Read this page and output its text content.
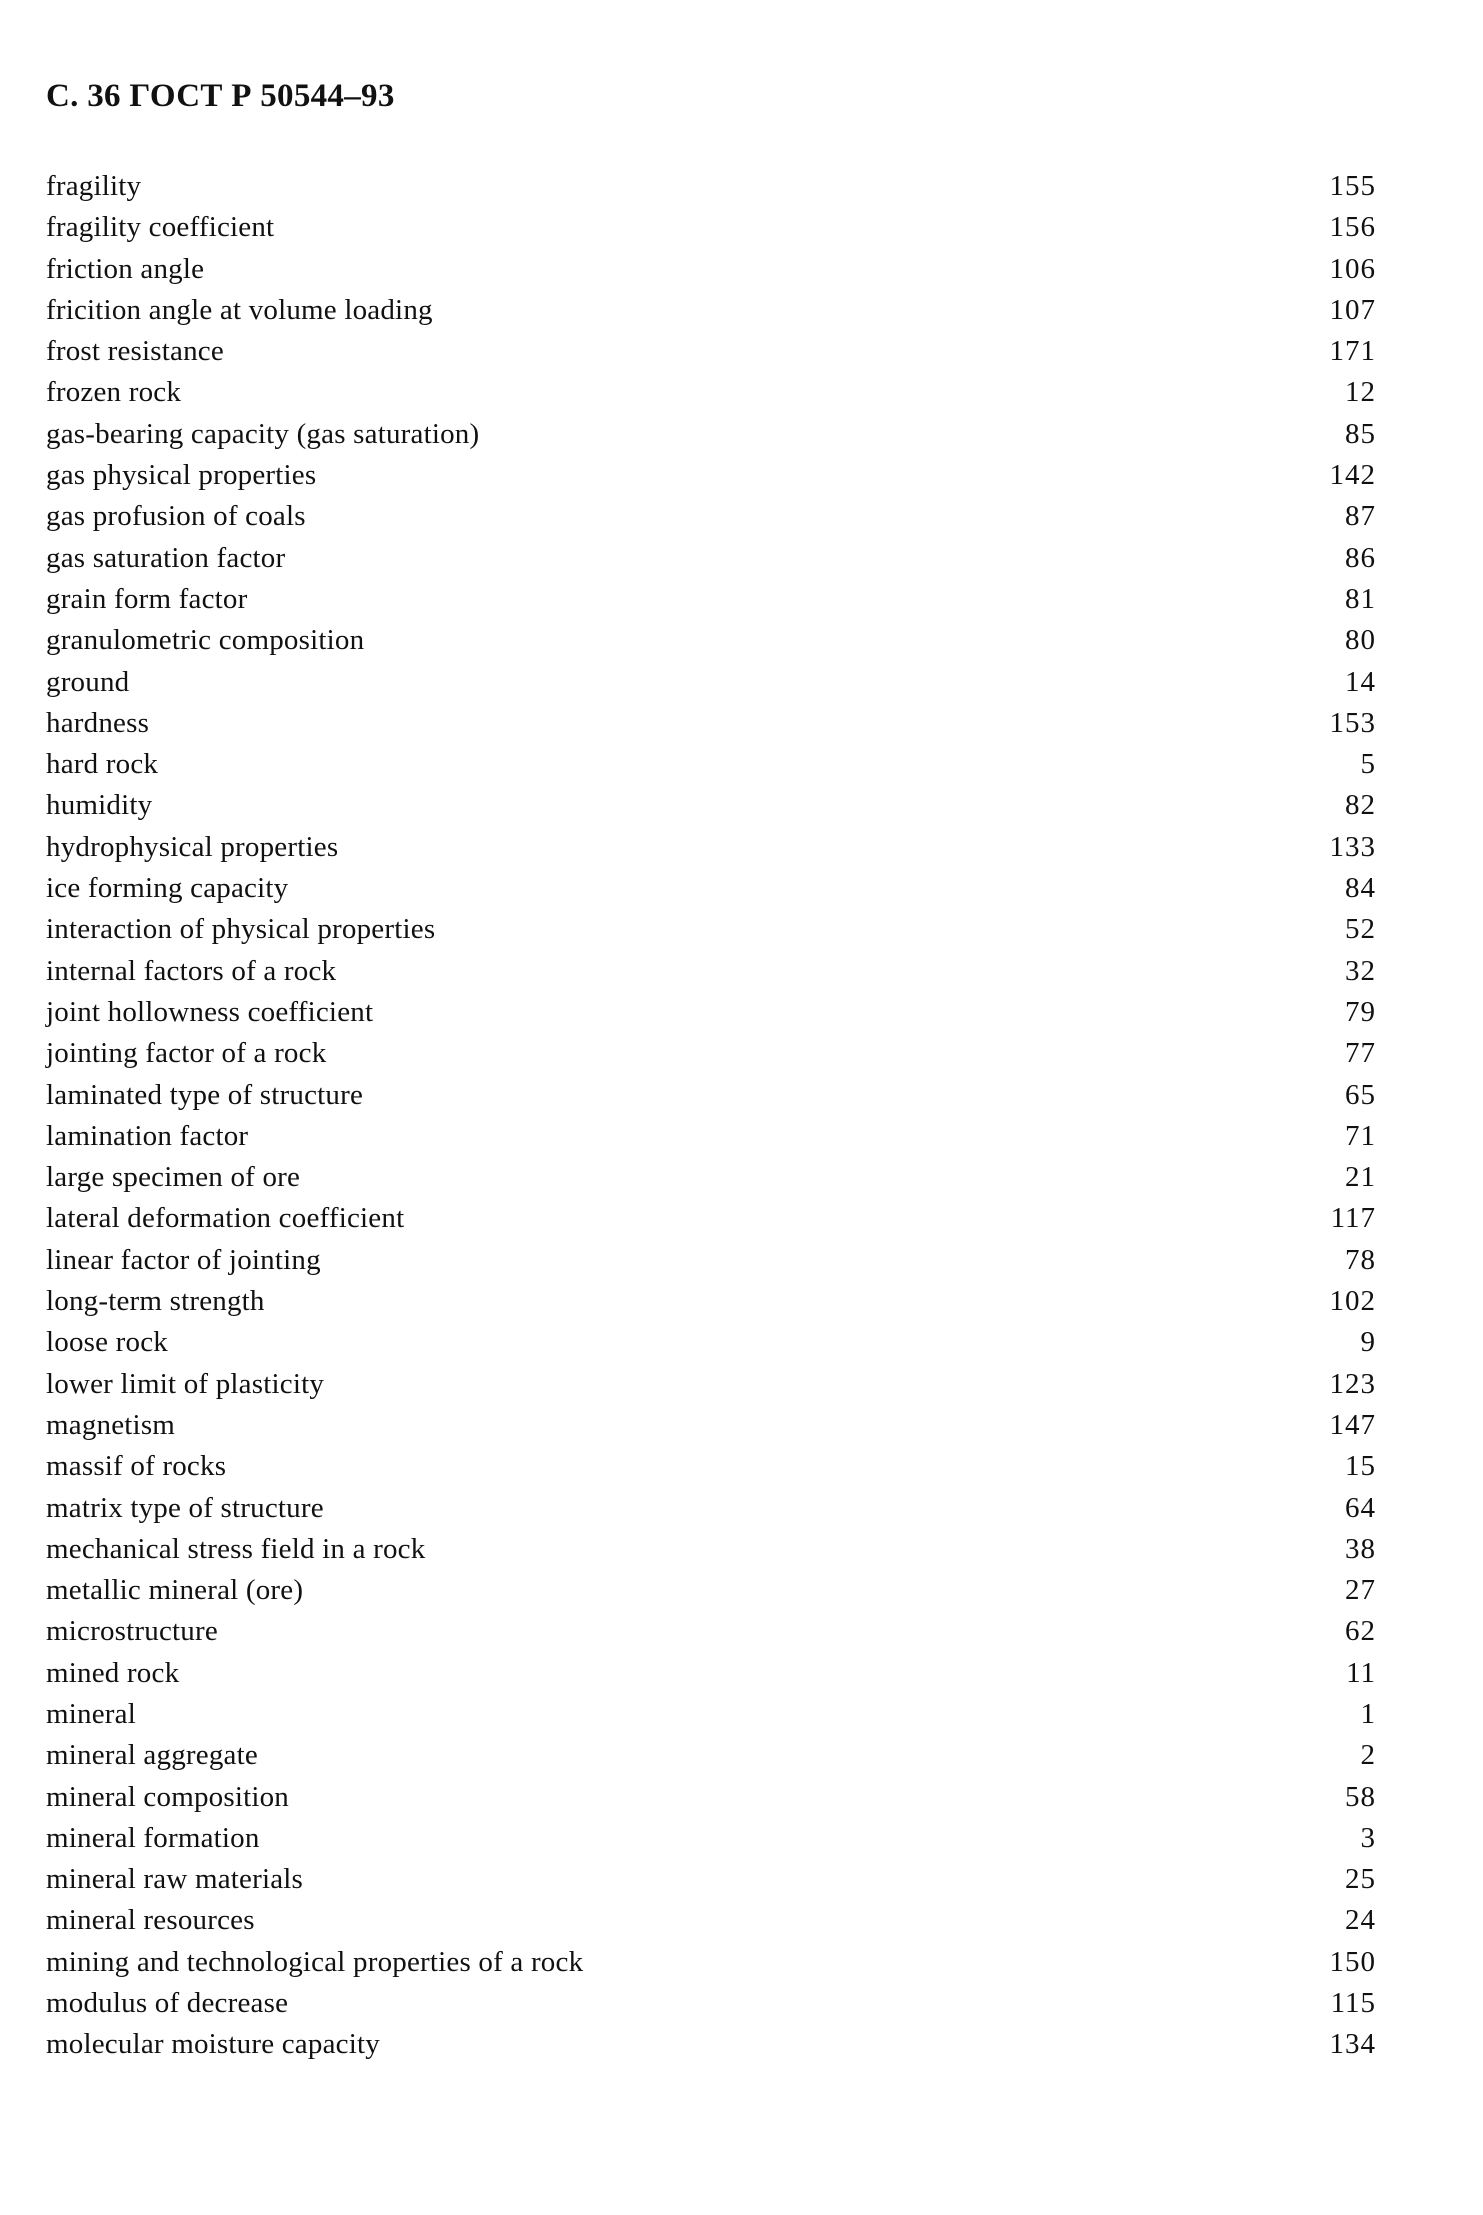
С. 36 ГОСТ Р 50544–93
fragility	155
fragility coefficient	156
friction angle	106
fricition angle at volume loading	107
frost resistance	171
frozen rock	12
gas-bearing capacity (gas saturation)	85
gas physical properties	142
gas profusion of coals	87
gas saturation factor	86
grain form factor	81
granulometric composition	80
ground	14
hardness	153
hard rock	5
humidity	82
hydrophysical properties	133
ice forming capacity	84
interaction of physical properties	52
internal factors of a rock	32
joint hollowness coefficient	79
jointing factor of a rock	77
laminated type of structure	65
lamination factor	71
large specimen of ore	21
lateral deformation coefficient	117
linear factor of jointing	78
long-term strength	102
loose rock	9
lower limit of plasticity	123
magnetism	147
massif of rocks	15
matrix type of structure	64
mechanical stress field in a rock	38
metallic mineral (ore)	27
microstructure	62
mined rock	11
mineral	1
mineral aggregate	2
mineral composition	58
mineral formation	3
mineral raw materials	25
mineral resources	24
mining and technological properties of a rock	150
modulus of decrease	115
molecular moisture capacity	134
